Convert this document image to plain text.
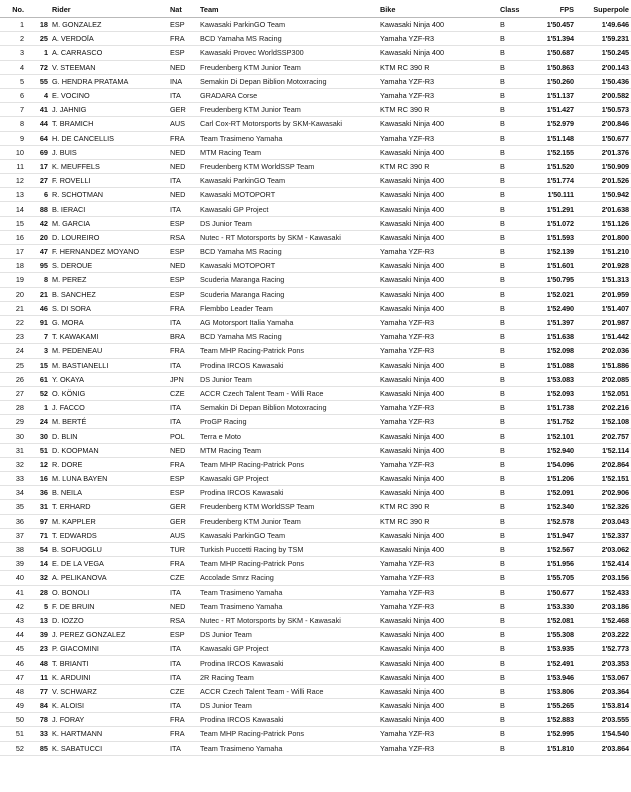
No.		Rider	Nat	Team	Bike	Class	FPS	Superpole
1	18	M. GONZALEZ	ESP	Kawasaki ParkinGO Team	Kawasaki Ninja 400	B	1'50.457	1'49.646
2	25	A. VERDOÏA	FRA	BCD Yamaha MS Racing	Yamaha YZF-R3	B	1'51.394	1'59.231
3	1	A. CARRASCO	ESP	Kawasaki Provec WorldSSP300	Kawasaki Ninja 400	B	1'50.687	1'50.245
4	72	V. STEEMAN	NED	Freudenberg KTM Junior Team	KTM RC 390 R	B	1'50.863	2'00.143
5	55	G. HENDRA PRATAMA	INA	Semakin Di Depan Biblion Motoxracing	Yamaha YZF-R3	B	1'50.260	1'50.436
6	4	E. VOCINO	ITA	GRADARA Corse	Yamaha YZF-R3	B	1'51.137	2'00.582
7	41	J. JAHNIG	GER	Freudenberg KTM Junior Team	KTM RC 390 R	B	1'51.427	1'50.573
8	44	T. BRAMICH	AUS	Carl Cox-RT Motorsports by SKM-Kawasaki	Kawasaki Ninja 400	B	1'52.979	2'00.846
9	64	H. DE CANCELLIS	FRA	Team Trasimeno Yamaha	Yamaha YZF-R3	B	1'51.148	1'50.677
10	69	J. BUIS	NED	MTM Racing Team	Kawasaki Ninja 400	B	1'52.155	2'01.376
11	17	K. MEUFFELS	NED	Freudenberg KTM WorldSSP Team	KTM RC 390 R	B	1'51.520	1'50.909
12	27	F. ROVELLI	ITA	Kawasaki ParkinGO Team	Kawasaki Ninja 400	B	1'51.774	2'01.526
13	6	R. SCHOTMAN	NED	Kawasaki MOTOPORT	Kawasaki Ninja 400	B	1'50.111	1'50.942
14	88	B. IERACI	ITA	Kawasaki GP Project	Kawasaki Ninja 400	B	1'51.291	2'01.638
15	42	M. GARCIA	ESP	DS Junior Team	Kawasaki Ninja 400	B	1'51.072	1'51.126
16	20	D. LOUREIRO	RSA	Nutec - RT Motorsports by SKM - Kawasaki	Kawasaki Ninja 400	B	1'51.593	2'01.800
17	47	F. HERNANDEZ MOYANO	ESP	BCD Yamaha MS Racing	Yamaha YZF-R3	B	1'52.139	1'51.210
18	95	S. DEROUE	NED	Kawasaki MOTOPORT	Kawasaki Ninja 400	B	1'51.601	2'01.928
19	8	M. PEREZ	ESP	Scuderia Maranga Racing	Kawasaki Ninja 400	B	1'50.795	1'51.313
20	21	B. SANCHEZ	ESP	Scuderia Maranga Racing	Kawasaki Ninja 400	B	1'52.021	2'01.959
21	46	S. DI SORA	FRA	Flembbo Leader Team	Kawasaki Ninja 400	B	1'52.490	1'51.407
22	91	G. MORA	ITA	AG Motorsport Italia Yamaha	Yamaha YZF-R3	B	1'51.397	2'01.987
23	7	T. KAWAKAMI	BRA	BCD Yamaha MS Racing	Yamaha YZF-R3	B	1'51.638	1'51.442
24	3	M. PEDENEAU	FRA	Team MHP Racing-Patrick Pons	Yamaha YZF-R3	B	1'52.098	2'02.036
25	15	M. BASTIANELLI	ITA	Prodina IRCOS Kawasaki	Kawasaki Ninja 400	B	1'51.088	1'51.886
26	61	Y. OKAYA	JPN	DS Junior Team	Kawasaki Ninja 400	B	1'53.083	2'02.085
27	52	O. KÖNIG	CZE	ACCR Czech Talent Team - Willi Race	Kawasaki Ninja 400	B	1'52.093	1'52.051
28	1	J. FACCO	ITA	Semakin Di Depan Biblion Motoxracing	Yamaha YZF-R3	B	1'51.738	2'02.216
29	24	M. BERTÉ	ITA	ProGP Racing	Yamaha YZF-R3	B	1'51.752	1'52.108
30	30	D. BLIN	POL	Terra e Moto	Kawasaki Ninja 400	B	1'52.101	2'02.757
31	51	D. KOOPMAN	NED	MTM Racing Team	Kawasaki Ninja 400	B	1'52.940	1'52.114
32	12	R. DORE	FRA	Team MHP Racing-Patrick Pons	Yamaha YZF-R3	B	1'54.096	2'02.864
33	16	M. LUNA BAYEN	ESP	Kawasaki GP Project	Kawasaki Ninja 400	B	1'51.206	1'52.151
34	36	B. NEILA	ESP	Prodina IRCOS Kawasaki	Kawasaki Ninja 400	B	1'52.091	2'02.906
35	31	T. ERHARD	GER	Freudenberg KTM WorldSSP Team	KTM RC 390 R	B	1'52.340	1'52.326
36	97	M. KAPPLER	GER	Freudenberg KTM Junior Team	KTM RC 390 R	B	1'52.578	2'03.043
37	71	T. EDWARDS	AUS	Kawasaki ParkinGO Team	Kawasaki Ninja 400	B	1'51.947	1'52.337
38	54	B. SOFUOGLU	TUR	Turkish Puccetti Racing by TSM	Kawasaki Ninja 400	B	1'52.567	2'03.062
39	14	E. DE LA VEGA	FRA	Team MHP Racing-Patrick Pons	Yamaha YZF-R3	B	1'51.956	1'52.414
40	32	A. PELIKANOVA	CZE	Accolade Smrz Racing	Yamaha YZF-R3	B	1'55.705	2'03.156
41	28	O. BONOLI	ITA	Team Trasimeno Yamaha	Yamaha YZF-R3	B	1'50.677	1'52.433
42	5	F. DE BRUIN	NED	Team Trasimeno Yamaha	Yamaha YZF-R3	B	1'53.330	2'03.186
43	13	D. IOZZO	RSA	Nutec - RT Motorsports by SKM - Kawasaki	Kawasaki Ninja 400	B	1'52.081	1'52.468
44	39	J. PEREZ GONZALEZ	ESP	DS Junior Team	Kawasaki Ninja 400	B	1'55.308	2'03.222
45	23	P. GIACOMINI	ITA	Kawasaki GP Project	Kawasaki Ninja 400	B	1'53.935	1'52.773
46	48	T. BRIANTI	ITA	Prodina IRCOS Kawasaki	Kawasaki Ninja 400	B	1'52.491	2'03.353
47	11	K. ARDUINI	ITA	2R Racing Team	Kawasaki Ninja 400	B	1'53.946	1'53.067
48	77	V. SCHWARZ	CZE	ACCR Czech Talent Team - Willi Race	Kawasaki Ninja 400	B	1'53.806	2'03.364
49	84	K. ALOISI	ITA	DS Junior Team	Kawasaki Ninja 400	B	1'55.265	1'53.814
50	78	J. FORAY	FRA	Prodina IRCOS Kawasaki	Kawasaki Ninja 400	B	1'52.883	2'03.555
51	33	K. HARTMANN	FRA	Team MHP Racing-Patrick Pons	Yamaha YZF-R3	B	1'52.995	1'54.540
52	85	K. SABATUCCI	ITA	Team Trasimeno Yamaha	Yamaha YZF-R3	B	1'51.810	2'03.864
